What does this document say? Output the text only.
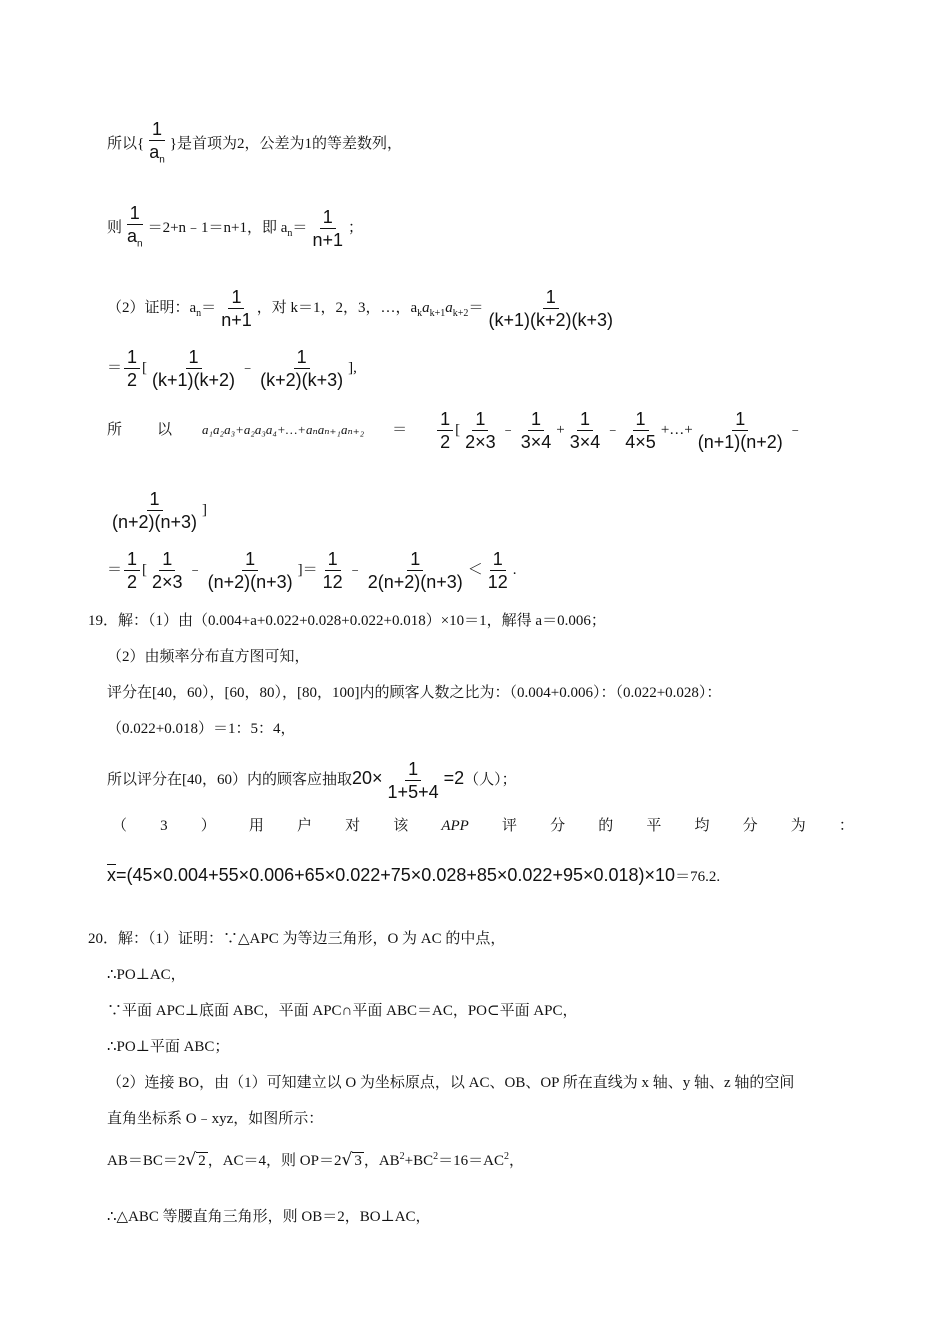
所以{ $\frac{1}{a_n}$ }是首项为2，公差为1的等差数列，
则 $\frac{1}{a_n}$ ＝2+n﹣1＝n+1，即 $a_n= \frac{1}{n+1}$ ；
（2）证明：$a_n= \frac{1}{n+1}$ ，对 k＝1，2，3，…，$a_ka_{k+1}a_{k+2}= \frac{1}{(k+1)(k+2)(k+3)}$
＝ $\frac{1}{2}$ [ $\frac{1}{(k+1)(k+2)}$ ﹣ $\frac{1}{(k+2)(k+3)}$ ],
所 以 a₁a₂a₃+a₂a₃a₄+…+aₙaₙ₊₁aₙ₊₂ ＝ $\frac{1}{2}$ [ $\frac{1}{2\times 3}$ ﹣ $\frac{1}{3\times 4} + \frac{1}{3\times 4}$ ﹣ $\frac{1}{4\times 5}$ +…+ $\frac{1}{(n+1)(n+2)}$ ﹣
$\frac{1}{(n+2)(n+3)}$ ]
＝ $\frac{1}{2}$ [ $\frac{1}{2\times 3}$ ﹣ $\frac{1}{(n+2)(n+3)}$ ]＝ $\frac{1}{12}$ ﹣ $\frac{1}{2(n+2)(n+3)} < \frac{1}{12}$ .
19．解：（1）由（0.004+a+0.022+0.028+0.022+0.018）×10＝1，解得 a＝0.006；
（2）由频率分布直方图可知，
评分在[40，60），[60，80），[80，100]内的顾客人数之比为：（0.004+0.006）：（0.022+0.028）：
（0.022+0.018）＝1：5：4，
所以评分在[40，60）内的顾客应抽取$20\times \frac{1}{1+5+4} =2$（人）；
（ 3 ） 用 户 对 该 APP 评 分 的 平 均 分 为 ：
$\overline{x}=(45\times 0.004+55\times 0.006+65\times 0.022+75\times 0.028+85\times 0.022+95\times 0.018)\times 10=76.2$.
20．解：（1）证明：∵△APC 为等边三角形，O 为 AC 的中点，
∴PO⊥AC，
∵平面 APC⊥底面 ABC，平面 APC∩平面 ABC＝AC，PO⊂平面 APC，
∴PO⊥平面 ABC；
（2）连接 BO，由（1）可知建立以 O 为坐标原点，以 AC、OB、OP 所在直线为 x 轴、y 轴、z 轴的空间
直角坐标系 O﹣xyz，如图所示：
AB＝BC＝2√ 2 ，AC＝4，则 OP＝2√ 3 ，$AB^2+BC^2=16=AC^2$，
∴△ABC 等腰直角三角形，则 OB＝2，BO⊥AC，
